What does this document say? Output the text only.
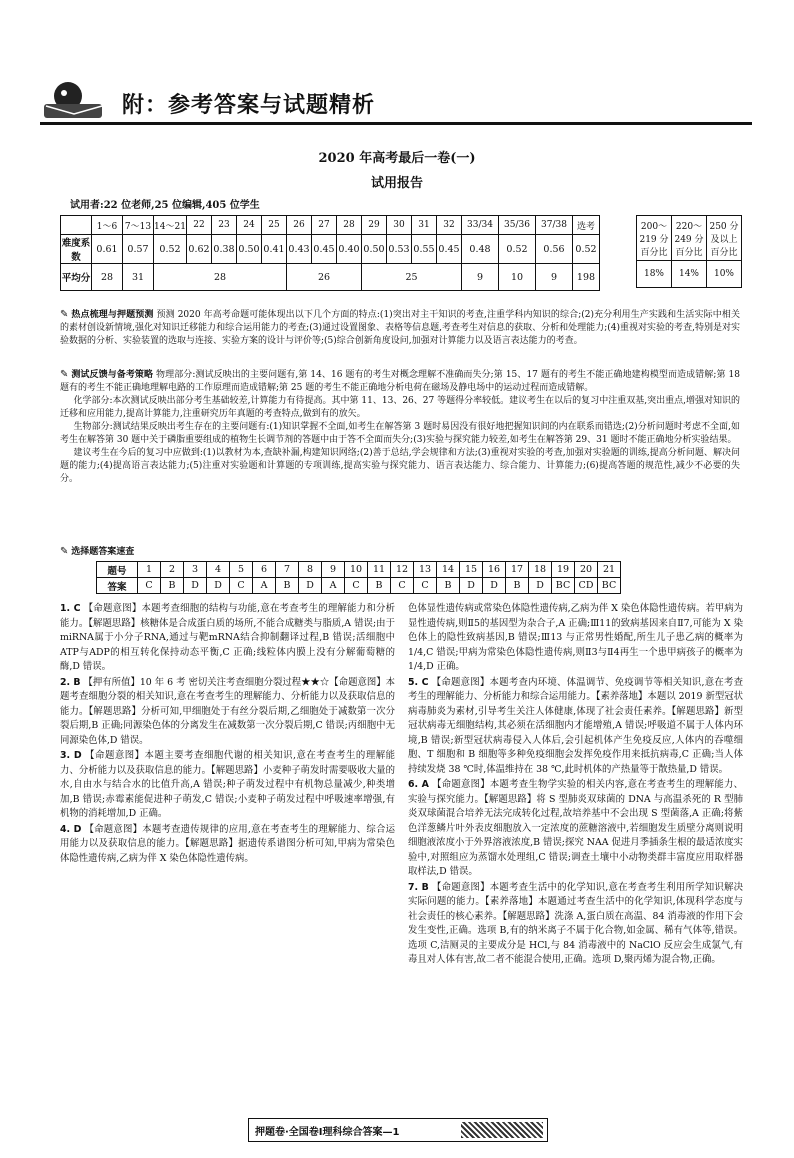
附：参考答案与试题精析
2020 年高考最后一卷(一)
试用报告
试用者:22 位老师,25 位编辑,405 位学生
	1～6	7～13	14～21	22	23	24	25	26	27	28	29	30	31	32	33/34	35/36	37/38	选考
难度系数	0.61	0.57	0.52	0.62	0.38	0.50	0.41	0.43	0.45	0.40	0.50	0.53	0.55	0.45	0.48	0.52	0.56	0.52
平均分	28	31	28					26			25				9	10	9	198
200～219 分百分比	220～249 分百分比	250 分及以上百分比
18%	14%	10%
✎ 热点梳理与押题预测 预测 2020 年高考命题可能体现出以下几个方面的特点:(1)突出对主干知识的考查,注重学科内知识的综合;(2)充分利用生产实践和生活实际中相关的素材创设新情境,强化对知识迁移能力和综合运用能力的考查;(3)通过设置图象、表格等信息题,考查考生对信息的获取、分析和处理能力;(4)重视对实验的考查,特别是对实验数据的分析、实验装置的选取与连接、实验方案的设计与评价等;(5)综合创新角度设问,加强对计算能力以及语言表达能力的考查。
✎ 测试反馈与备考策略 物理部分:测试反映出的主要问题有,第 14、16 题有的考生对概念理解不准确而失分;第 15、17 题有的考生不能正确地建构模型而造成错解;第 18 题有的考生不能正确地理解电路的工作原理而造成错解;第 25 题的考生不能正确地分析电荷在磁场及静电场中的运动过程而造成错解。
化学部分:本次测试反映出部分考生基础较差,计算能力有待提高。其中第 11、13、26、27 等题得分率较低。建议考生在以后的复习中注重双基,突出重点,增强对知识的迁移和应用能力,提高计算能力,注重研究历年真题的考查特点,做到有的放矢。
生物部分:测试结果反映出考生存在的主要问题有:(1)知识掌握不全面,如考生在解答第 3 题时易因没有很好地把握知识间的内在联系而错选;(2)分析问题时考虑不全面,如考生在解答第 30 题中关于磷脂重要组成的植物生长调节剂的答题中由于答不全面而失分;(3)实验与探究能力较差,如考生在解答第 29、31 题时不能正确地分析实验结果。
建议考生在今后的复习中应做到:(1)以教材为本,查缺补漏,构建知识网络;(2)善于总结,学会规律和方法;(3)重视对实验的考查,加强对实验题的训练,提高分析问题、解决问题的能力;(4)提高语言表达能力;(5)注重对实验题和计算题的专项训练,提高实验与探究能力、语言表达能力、综合能力、计算能力;(6)提高答题的规范性,减少不必要的失分。
✎ 选择题答案速查
题号	1	2	3	4	5	6	7	8	9	10	11	12	13	14	15	16	17	18	19	20	21
答案	C	B	D	D	C	A	B	D	A	C	B	C	C	B	D	D	B	D	BC	CD	BC
1. C 【命题意图】本题考查细胞的结构与功能,意在考查考生的理解能力和分析能力。【解题思路】核糖体是合成蛋白质的场所,不能合成糖类与脂质,A 错误;由于miRNA属于小分子RNA,通过与靶mRNA结合抑制翻译过程,B 错误;活细胞中ATP与ADP的相互转化保持动态平衡,C 正确;线粒体内膜上没有分解葡萄糖的酶,D 错误。
2. B 【押有所值】10 年 6 考 密切关注考查细胞分裂过程★★☆【命题意图】本题考查细胞分裂的相关知识,意在考查考生的理解能力、分析能力以及获取信息的能力。【解题思路】分析可知,甲细胞处于有丝分裂后期,乙细胞处于减数第一次分裂后期,B 正确;同源染色体的分离发生在减数第一次分裂后期,C 错误;丙细胞中无同源染色体,D 错误。
3. D 【命题意图】本题主要考查细胞代谢的相关知识,意在考查考生的理解能力、分析能力以及获取信息的能力。【解题思路】小麦种子萌发时需要吸收大量的水,自由水与结合水的比值升高,A 错误;种子萌发过程中有机物总量减少,种类增加,B 错误;赤霉素能促进种子萌发,C 错误;小麦种子萌发过程中呼吸速率增强,有机物的消耗增加,D 正确。
4. D 【命题意图】本题考查遗传规律的应用,意在考查考生的理解能力、综合运用能力以及获取信息的能力。【解题思路】据遗传系谱图分析可知,甲病为常染色体隐性遗传病,乙病为伴 X 染色体隐性遗传病。
色体显性遗传病或常染色体隐性遗传病,乙病为伴 X 染色体隐性遗传病。若甲病为显性遗传病,则Ⅱ5的基因型为杂合子,A 正确;Ⅲ11的致病基因来自Ⅱ7,可能为 X 染色体上的隐性致病基因,B 错误;Ⅲ13 与正常男性婚配,所生儿子患乙病的概率为 1/4,C 错误;甲病为常染色体隐性遗传病,则Ⅱ3与Ⅱ4再生一个患甲病孩子的概率为 1/4,D 正确。
5. C 【命题意图】本题考查内环境、体温调节、免疫调节等相关知识,意在考查考生的理解能力、分析能力和综合运用能力。【素养落地】本题以 2019 新型冠状病毒肺炎为素材,引导考生关注人体健康,体现了社会责任素养。【解题思路】新型冠状病毒无细胞结构,其必须在活细胞内才能增殖,A 错误;呼吸道不属于人体内环境,B 错误;新型冠状病毒侵入人体后,会引起机体产生免疫反应,人体内的吞噬细胞、T 细胞和 B 细胞等多种免疫细胞会发挥免疫作用来抵抗病毒,C 正确;当人体持续发烧 38 ℃时,体温维持在 38 ℃,此时机体的产热量等于散热量,D 错误。
6. A 【命题意图】本题考查生物学实验的相关内容,意在考查考生的理解能力、实验与探究能力。【解题思路】将 S 型肺炎双球菌的 DNA 与高温杀死的 R 型肺炎双球菌混合培养无法完成转化过程,故培养基中不会出现 S 型菌落,A 正确;将紫色洋葱鳞片叶外表皮细胞放入一定浓度的蔗糖溶液中,若细胞发生质壁分离则说明细胞液浓度小于外界溶液浓度,B 错误;探究 NAA 促进月季插条生根的最适浓度实验中,对照组应为蒸馏水处理组,C 错误;调查土壤中小动物类群丰富度应用取样器取样法,D 错误。
7. B 【命题意图】本题考查生活中的化学知识,意在考查考生利用所学知识解决实际问题的能力。【素养落地】本题通过考查生活中的化学知识,体现科学态度与社会责任的核心素养。【解题思路】洗涤 A,蛋白质在高温、84 消毒液的作用下会发生变性,正确。选项 B,有的纳米离子不属于化合物,如金属、稀有气体等,错误。选项 C,洁厕灵的主要成分是 HCl,与 84 消毒液中的 NaClO 反应会生成氯气,有毒且对人体有害,故二者不能混合使用,正确。选项 D,聚丙烯为混合物,正确。
押题卷·全国卷Ⅰ理科综合答案—1
